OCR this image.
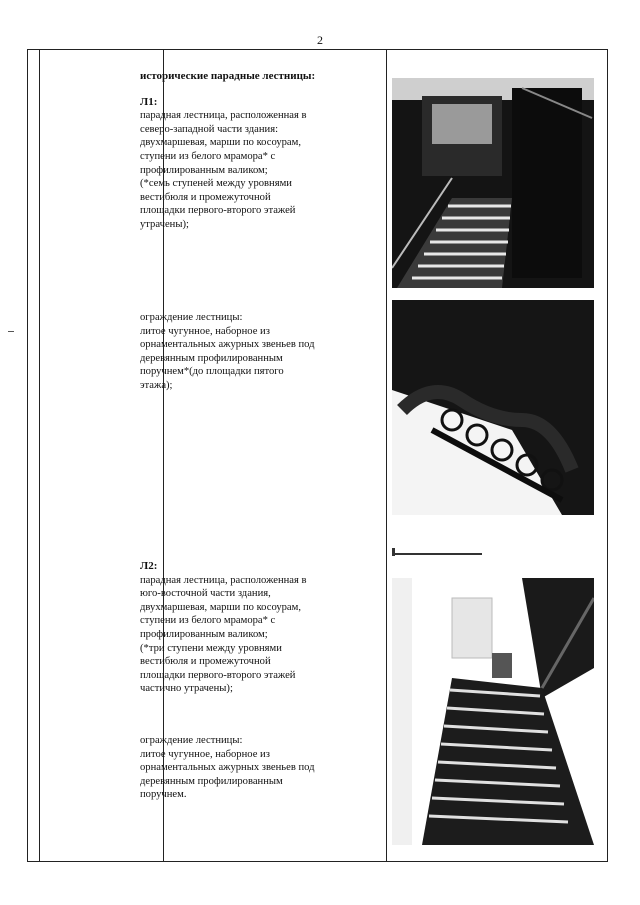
2

исторические парадные лестницы:

Л1:

парадная лестница, расположенная в

северо-западной части здания:

двухмаршевая, марши по косоурам,

ступени из белого мрамора* с

профилированным валиком;

(*семь ступеней между уровнями

вестибюля и промежуточной

площадки первого-второго этажей

утрачены);

ограждение лестницы:

литое чугунное, наборное из

орнаментальных ажурных звеньев под

деревянным профилированным

поручнем*(до площадки пятого

этажа);

Л2:

парадная лестница, расположенная в

юго-восточной части здания,

двухмаршевая, марши по косоурам,

ступени из белого мрамора* с

профилированным валиком;

(*три ступени между уровнями

вестибюля и промежуточной

площадки первого-второго этажей

частично утрачены);

ограждение лестницы:

литое чугунное, наборное из

орнаментальных ажурных звеньев под

деревянным профилированным

поручнем.
